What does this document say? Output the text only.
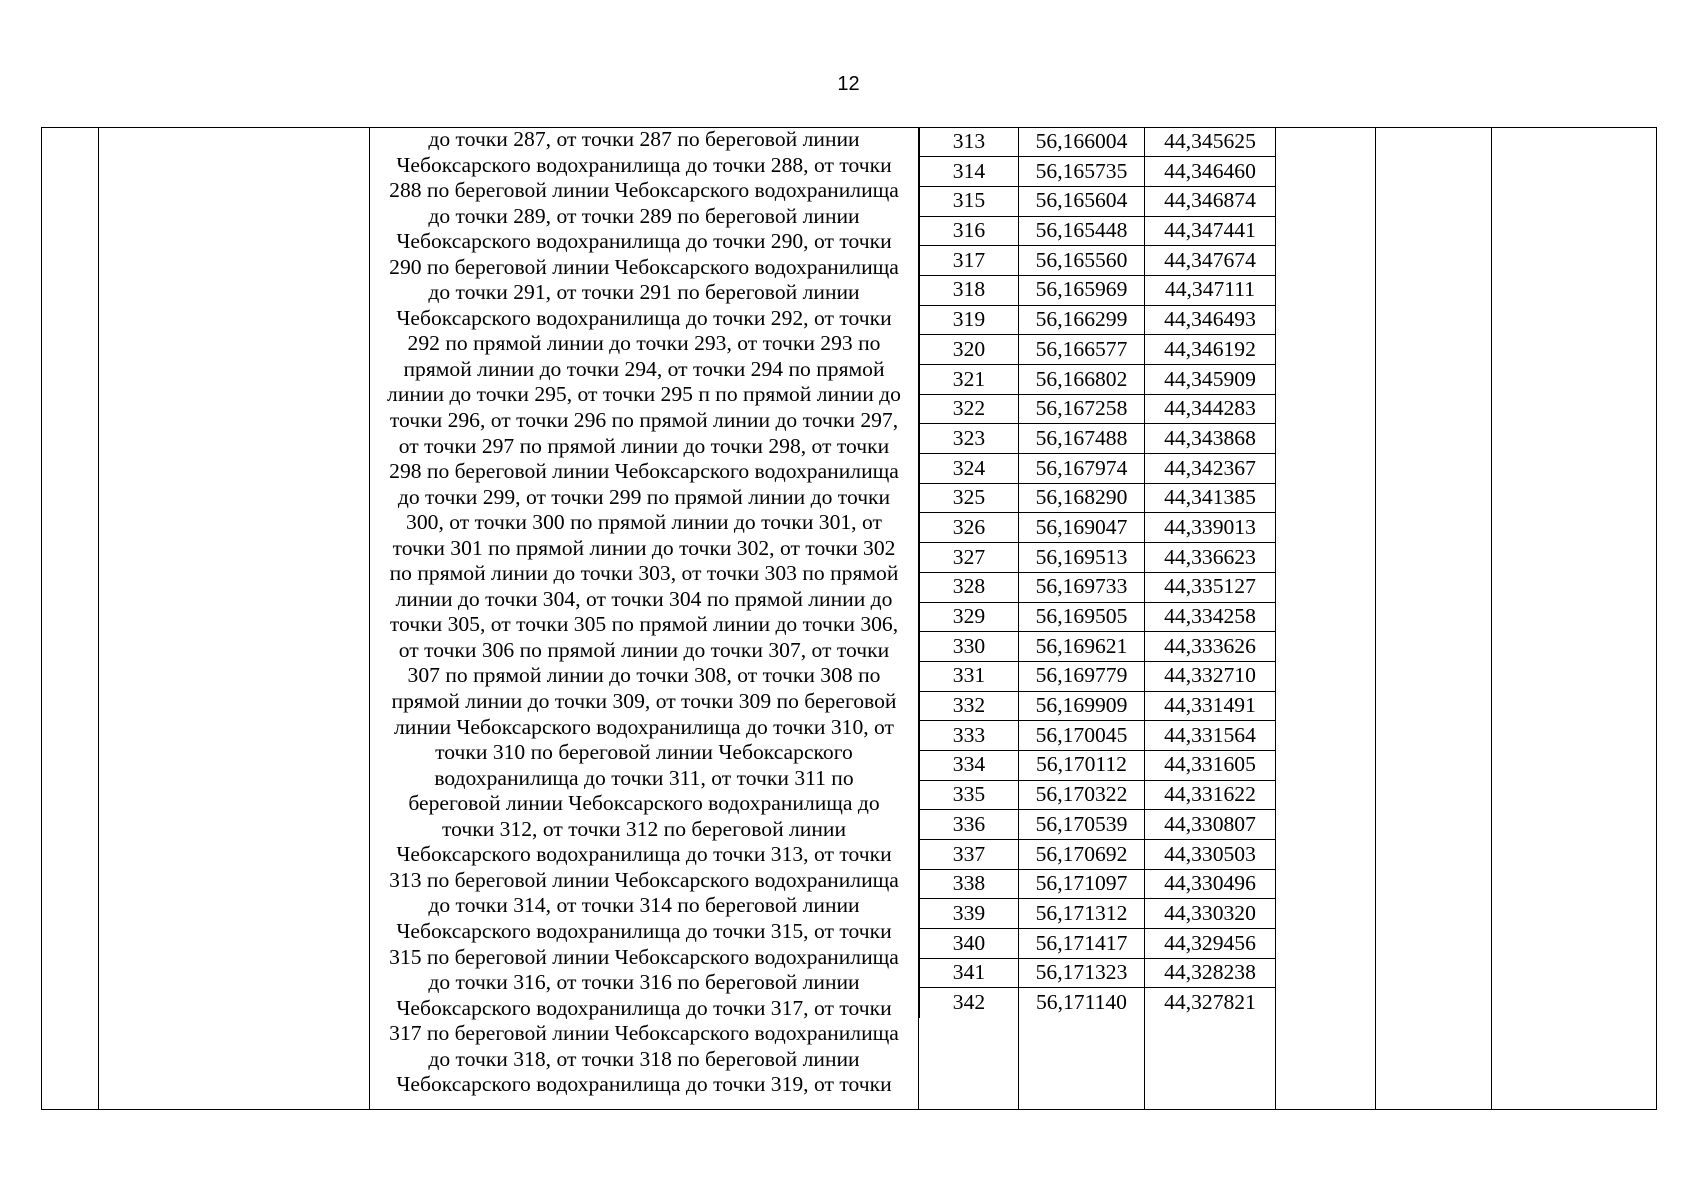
12
до точки 287, от точки 287 по береговой линии
Чебоксарского водохранилища до точки 288, от точки
288 по береговой линии Чебоксарского водохранилища
до точки 289, от точки 289 по береговой линии
Чебоксарского водохранилища до точки 290, от точки
290 по береговой линии Чебоксарского водохранилища
до точки 291, от точки 291 по береговой линии
Чебоксарского водохранилища до точки 292, от точки
292 по прямой линии до точки 293, от точки 293 по
прямой линии до точки 294, от точки 294 по прямой
линии до точки 295, от точки 295 п по прямой линии до
точки 296, от точки 296 по прямой линии до точки 297,
от точки 297 по прямой линии до точки 298, от точки
298 по береговой линии Чебоксарского водохранилища
до точки 299, от точки 299 по прямой линии до точки
300, от точки 300 по прямой линии до точки 301, от
точки 301 по прямой линии до точки 302, от точки 302
по прямой линии до точки 303, от точки 303 по прямой
линии до точки 304, от точки 304 по прямой линии до
точки 305, от точки 305 по прямой линии до точки 306,
от точки 306 по прямой линии до точки 307, от точки
307 по прямой линии до точки 308, от точки 308 по
прямой линии до точки 309, от точки 309 по береговой
линии Чебоксарского водохранилища до точки 310, от
точки 310 по береговой линии Чебоксарского
водохранилища до точки 311, от точки 311 по
береговой линии Чебоксарского водохранилища до
точки 312, от точки 312 по береговой линии
Чебоксарского водохранилища до точки 313, от точки
313 по береговой линии Чебоксарского водохранилища
до точки 314, от точки 314 по береговой линии
Чебоксарского водохранилища до точки 315, от точки
315 по береговой линии Чебоксарского водохранилища
до точки 316, от точки 316 по береговой линии
Чебоксарского водохранилища до точки 317, от точки
317 по береговой линии Чебоксарского водохранилища
до точки 318, от точки 318 по береговой линии
Чебоксарского водохранилища до точки 319, от точки
313	56,166004	44,345625
314	56,165735	44,346460
315	56,165604	44,346874
316	56,165448	44,347441
317	56,165560	44,347674
318	56,165969	44,347111
319	56,166299	44,346493
320	56,166577	44,346192
321	56,166802	44,345909
322	56,167258	44,344283
323	56,167488	44,343868
324	56,167974	44,342367
325	56,168290	44,341385
326	56,169047	44,339013
327	56,169513	44,336623
328	56,169733	44,335127
329	56,169505	44,334258
330	56,169621	44,333626
331	56,169779	44,332710
332	56,169909	44,331491
333	56,170045	44,331564
334	56,170112	44,331605
335	56,170322	44,331622
336	56,170539	44,330807
337	56,170692	44,330503
338	56,171097	44,330496
339	56,171312	44,330320
340	56,171417	44,329456
341	56,171323	44,328238
342	56,171140	44,327821
